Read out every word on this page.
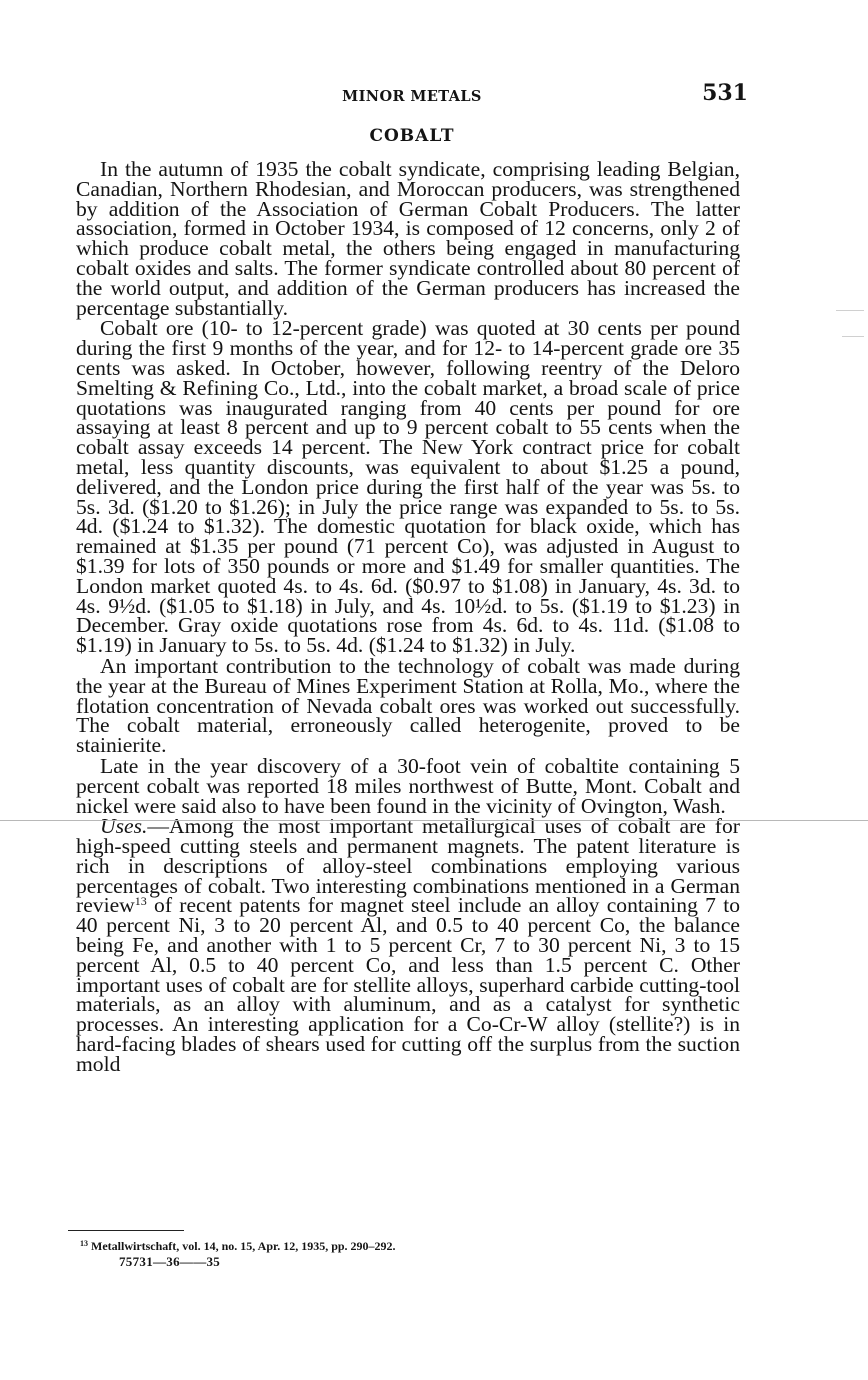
MINOR METALS	531
COBALT

In the autumn of 1935 the cobalt syndicate, comprising leading Belgian, Canadian, Northern Rhodesian, and Moroccan producers, was strengthened by addition of the Association of German Cobalt Producers. The latter association, formed in October 1934, is composed of 12 concerns, only 2 of which produce cobalt metal, the others being engaged in manufacturing cobalt oxides and salts. The former syndicate controlled about 80 percent of the world output, and addition of the German producers has increased the percentage substantially.

Cobalt ore (10- to 12-percent grade) was quoted at 30 cents per pound during the first 9 months of the year, and for 12- to 14-percent grade ore 35 cents was asked. In October, however, following reentry of the Deloro Smelting & Refining Co., Ltd., into the cobalt market, a broad scale of price quotations was inaugurated ranging from 40 cents per pound for ore assaying at least 8 percent and up to 9 percent cobalt to 55 cents when the cobalt assay exceeds 14 percent. The New York contract price for cobalt metal, less quantity discounts, was equivalent to about $1.25 a pound, delivered, and the London price during the first half of the year was 5s. to 5s. 3d. ($1.20 to $1.26); in July the price range was expanded to 5s. to 5s. 4d. ($1.24 to $1.32). The domestic quotation for black oxide, which has remained at $1.35 per pound (71 percent Co), was adjusted in August to $1.39 for lots of 350 pounds or more and $1.49 for smaller quantities. The London market quoted 4s. to 4s. 6d. ($0.97 to $1.08) in January, 4s. 3d. to 4s. 9½d. ($1.05 to $1.18) in July, and 4s. 10½d. to 5s. ($1.19 to $1.23) in December. Gray oxide quotations rose from 4s. 6d. to 4s. 11d. ($1.08 to $1.19) in January to 5s. to 5s. 4d. ($1.24 to $1.32) in July.

An important contribution to the technology of cobalt was made during the year at the Bureau of Mines Experiment Station at Rolla, Mo., where the flotation concentration of Nevada cobalt ores was worked out successfully. The cobalt material, erroneously called heterogenite, proved to be stainierite.

Late in the year discovery of a 30-foot vein of cobaltite containing 5 percent cobalt was reported 18 miles northwest of Butte, Mont. Cobalt and nickel were said also to have been found in the vicinity of Ovington, Wash.

Uses.—Among the most important metallurgical uses of cobalt are for high-speed cutting steels and permanent magnets. The patent literature is rich in descriptions of alloy-steel combinations employing various percentages of cobalt. Two interesting combinations mentioned in a German review$^{13}$ of recent patents for magnet steel include an alloy containing 7 to 40 percent Ni, 3 to 20 percent Al, and 0.5 to 40 percent Co, the balance being Fe, and another with 1 to 5 percent Cr, 7 to 30 percent Ni, 3 to 15 percent Al, 0.5 to 40 percent Co, and less than 1.5 percent C. Other important uses of cobalt are for stellite alloys, superhard carbide cutting-tool materials, as an alloy with aluminum, and as a catalyst for synthetic processes. An interesting application for a Co-Cr-W alloy (stellite?) is in hard-facing blades of shears used for cutting off the surplus from the suction mold

$^{13}$ Metallwirtschaft, vol. 14, no. 15, Apr. 12, 1935, pp. 290–292.
75731—36——35
